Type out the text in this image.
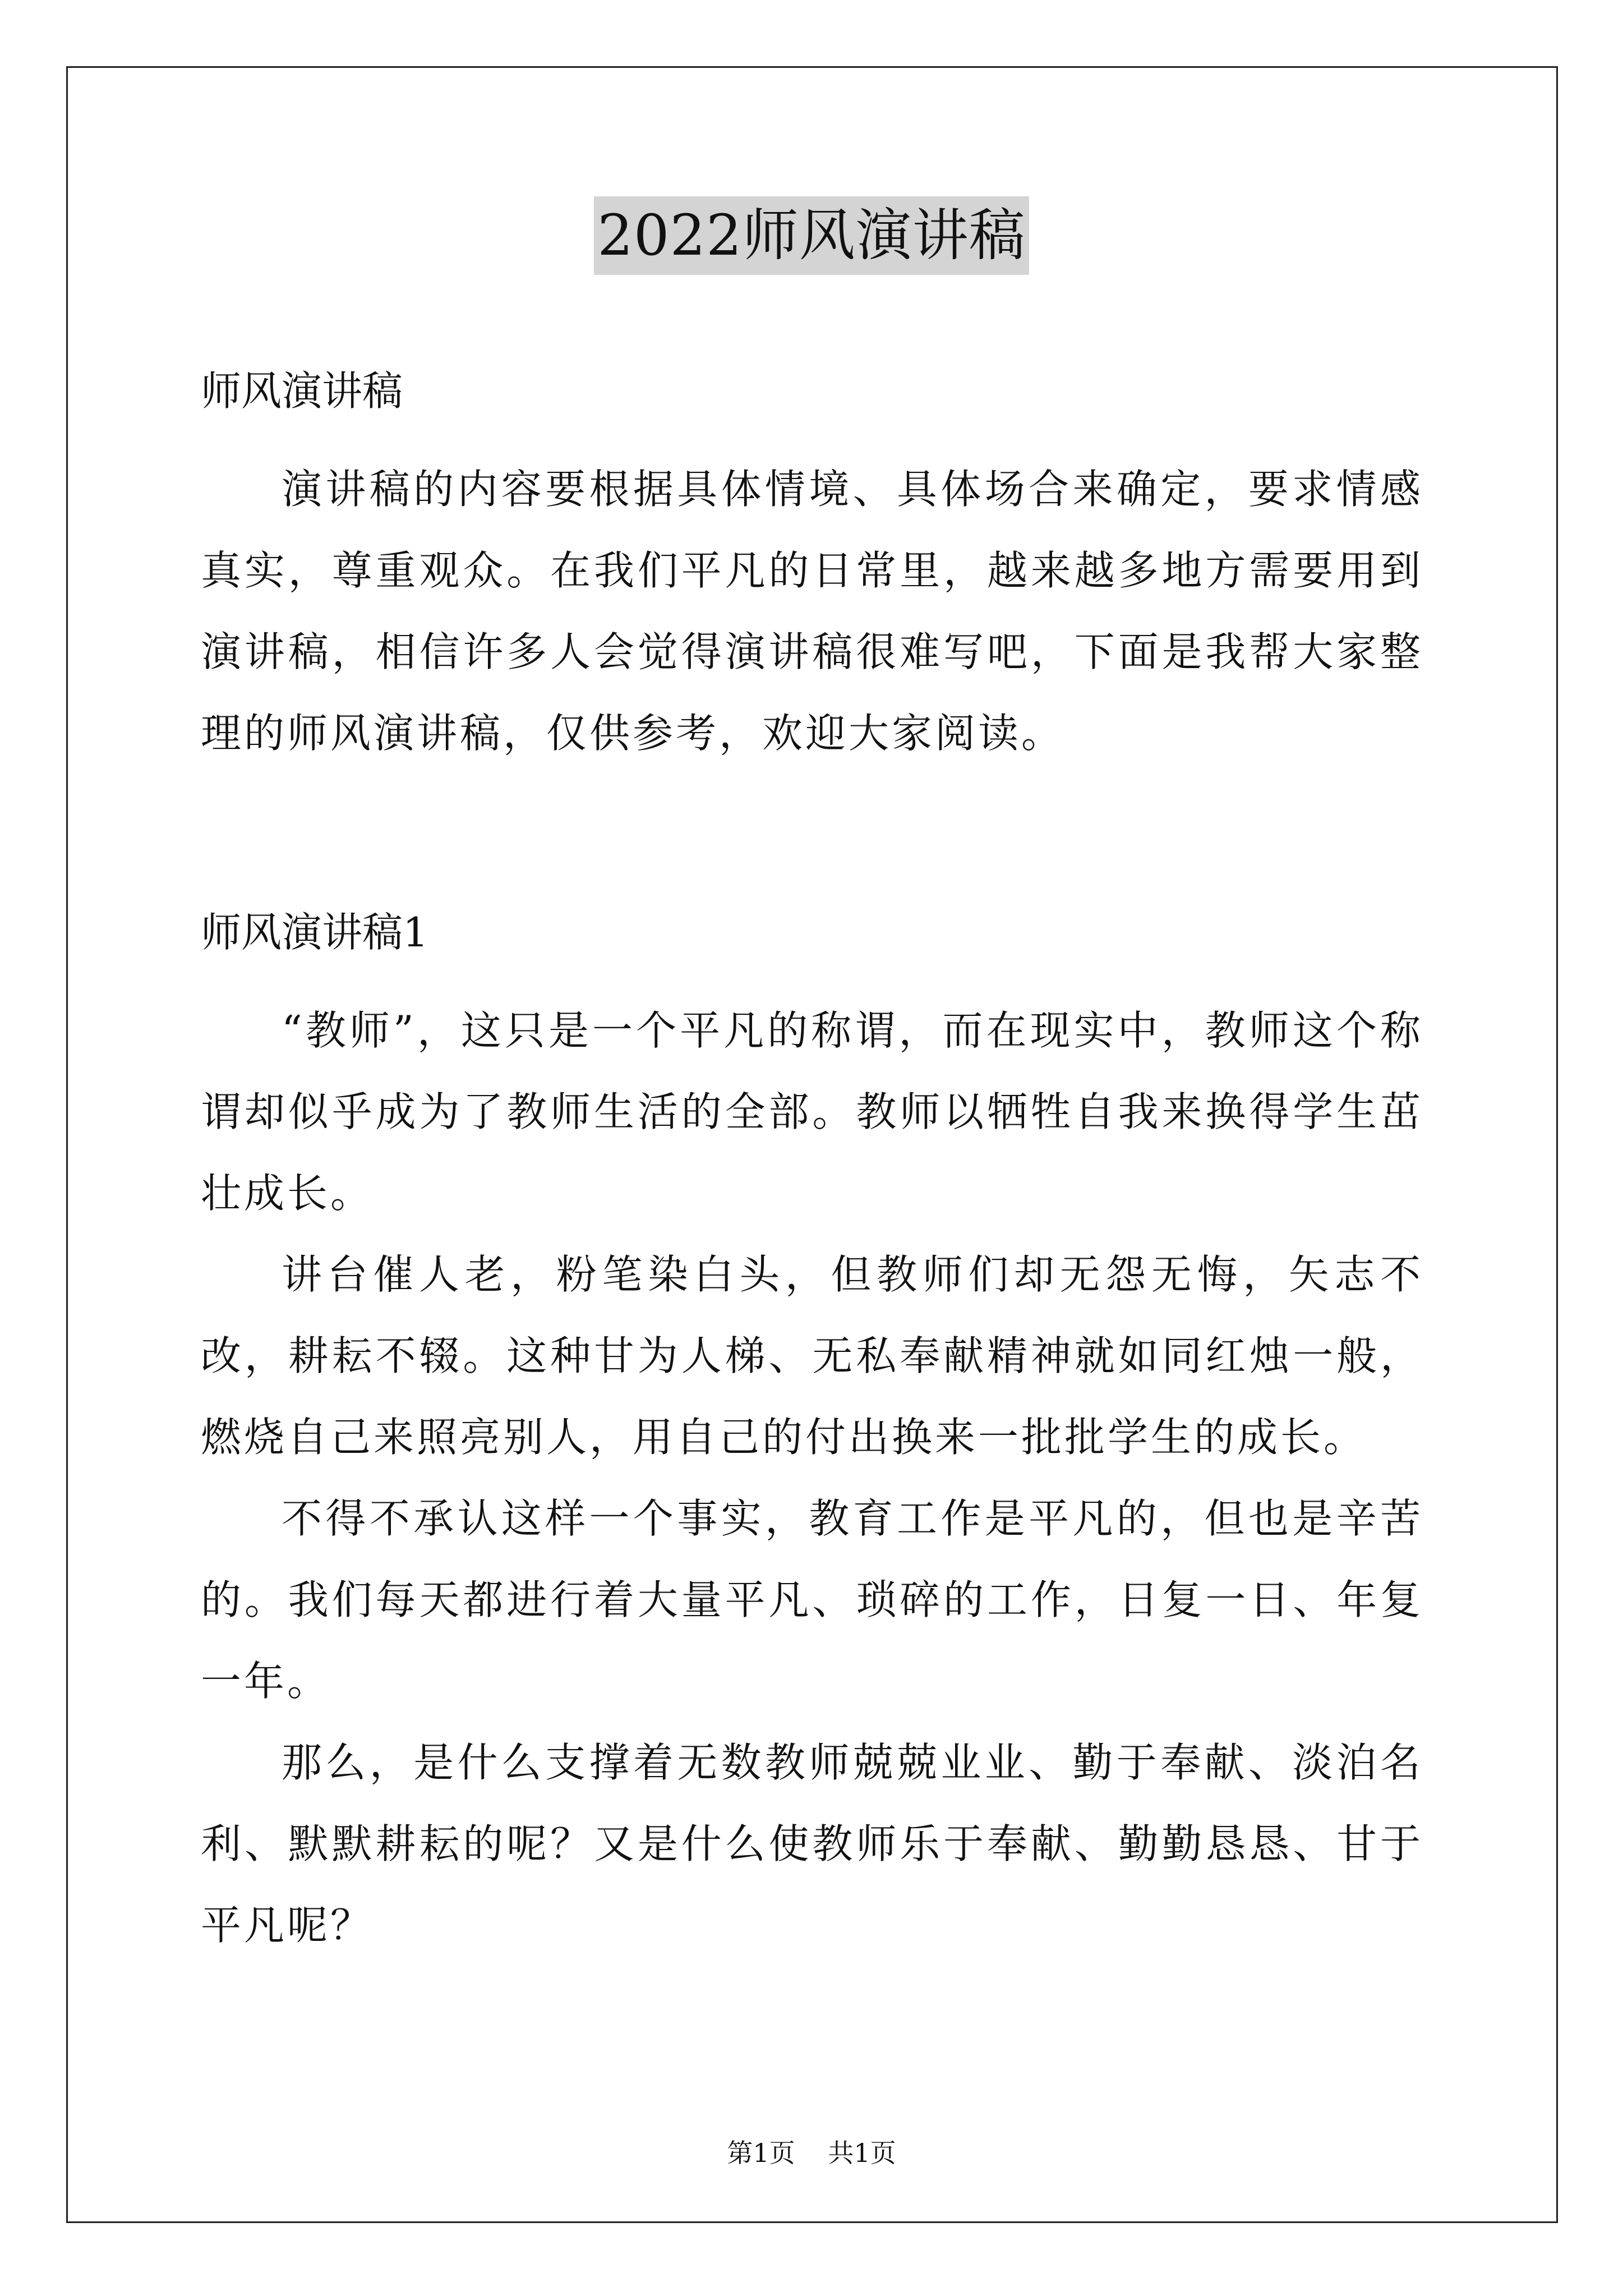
2022师风演讲稿

师风演讲稿

演讲稿的内容要根据具体情境、具体场合来确定，要求情感真实，尊重观众。在我们平凡的日常里，越来越多地方需要用到演讲稿，相信许多人会觉得演讲稿很难写吧，下面是我帮大家整理的师风演讲稿，仅供参考，欢迎大家阅读。

师风演讲稿1

“教师”，这只是一个平凡的称谓，而在现实中，教师这个称谓却似乎成为了教师生活的全部。教师以牺牲自我来换得学生茁壮成长。

讲台催人老，粉笔染白头，但教师们却无怨无悔，矢志不改，耕耘不辍。这种甘为人梯、无私奉献精神就如同红烛一般，燃烧自己来照亮别人，用自己的付出换来一批批学生的成长。

不得不承认这样一个事实，教育工作是平凡的，但也是辛苦的。我们每天都进行着大量平凡、琐碎的工作，日复一日、年复一年。

那么，是什么支撑着无数教师兢兢业业、勤于奉献、淡泊名利、默默耕耘的呢？又是什么使教师乐于奉献、勤勤恳恳、甘于平凡呢？

第1页 共1页
